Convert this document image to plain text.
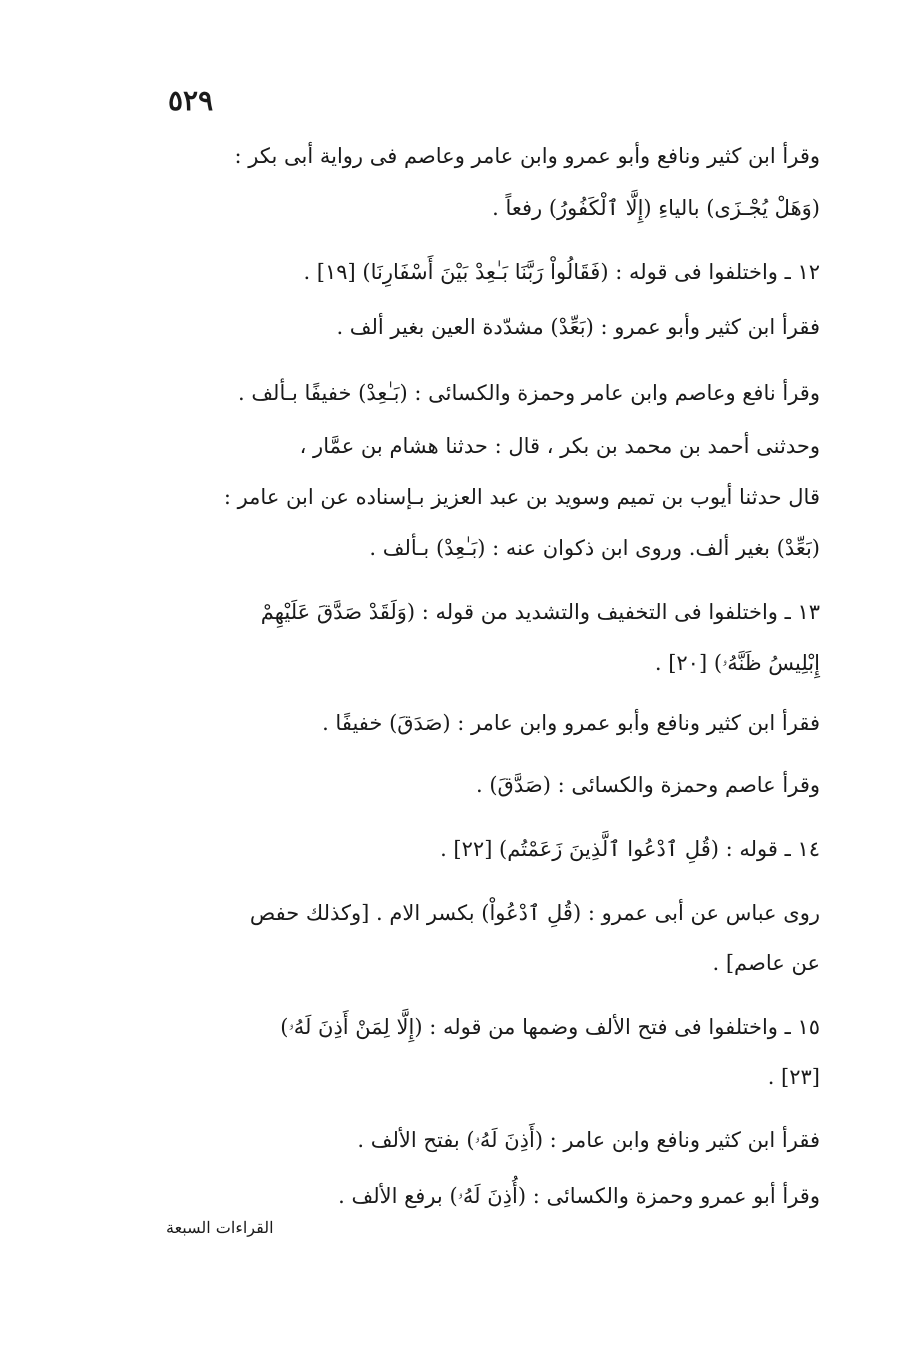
٥٢٩
وقرأ ابن كثير ونافع وأبو عمرو وابن عامر وعاصم فى رواية أبى بكر :
(وَهَلْ يُجْـزَى) بالياءِ (إِلَّا ٱلْكَفُورُ) رفعاً .
١٢ ـ واختلفوا فى قوله : (فَقَالُواْ رَبَّنَا بَـٰعِدْ بَيْنَ أَسْفَارِنَا) [١٩] .
فقرأ ابن كثير وأبو عمرو : (بَعِّدْ) مشدّدة العين بغير ألف .
وقرأ نافع وعاصم وابن عامر وحمزة والكسائى : (بَـٰعِدْ) خفيفًا بـألف .
وحدثنى أحمد بن محمد بن بكر ، قال : حدثنا هشام بن عمَّار ،
قال حدثنا أيوب بن تميم وسويد بن عبد العزيز بـإسناده عن ابن عامر :
(بَعِّدْ) بغير ألف. وروى ابن ذكوان عنه : (بَـٰعِدْ) بـألف .
١٣ ـ واختلفوا فى التخفيف والتشديد من قوله : (وَلَقَدْ صَدَّقَ عَلَيْهِمْ
إِبْلِيسُ ظَنَّهُۥ) [٢٠] .
فقرأ ابن كثير ونافع وأبو عمرو وابن عامر : (صَدَقَ) خفيفًا .
وقرأ عاصم وحمزة والكسائى : (صَدَّقَ) .
١٤ ـ قوله : (قُلِ ٱدْعُوا ٱلَّذِينَ زَعَمْتُم) [٢٢] .
روى عباس عن أبى عمرو : (قُلِ ٱدْعُواْ) بكسر الام . [وكذلك حفص
عن عاصم] .
١٥ ـ واختلفوا فى فتح الألف وضمها من قوله : (إِلَّا لِمَنْ أَذِنَ لَهُۥ)
[٢٣] .
فقرأ ابن كثير ونافع وابن عامر : (أَذِنَ لَهُۥ) بفتح الألف .
وقرأ أبو عمرو وحمزة والكسائى : (أُذِنَ لَهُۥ) برفع الألف .
القراءات السبعة
